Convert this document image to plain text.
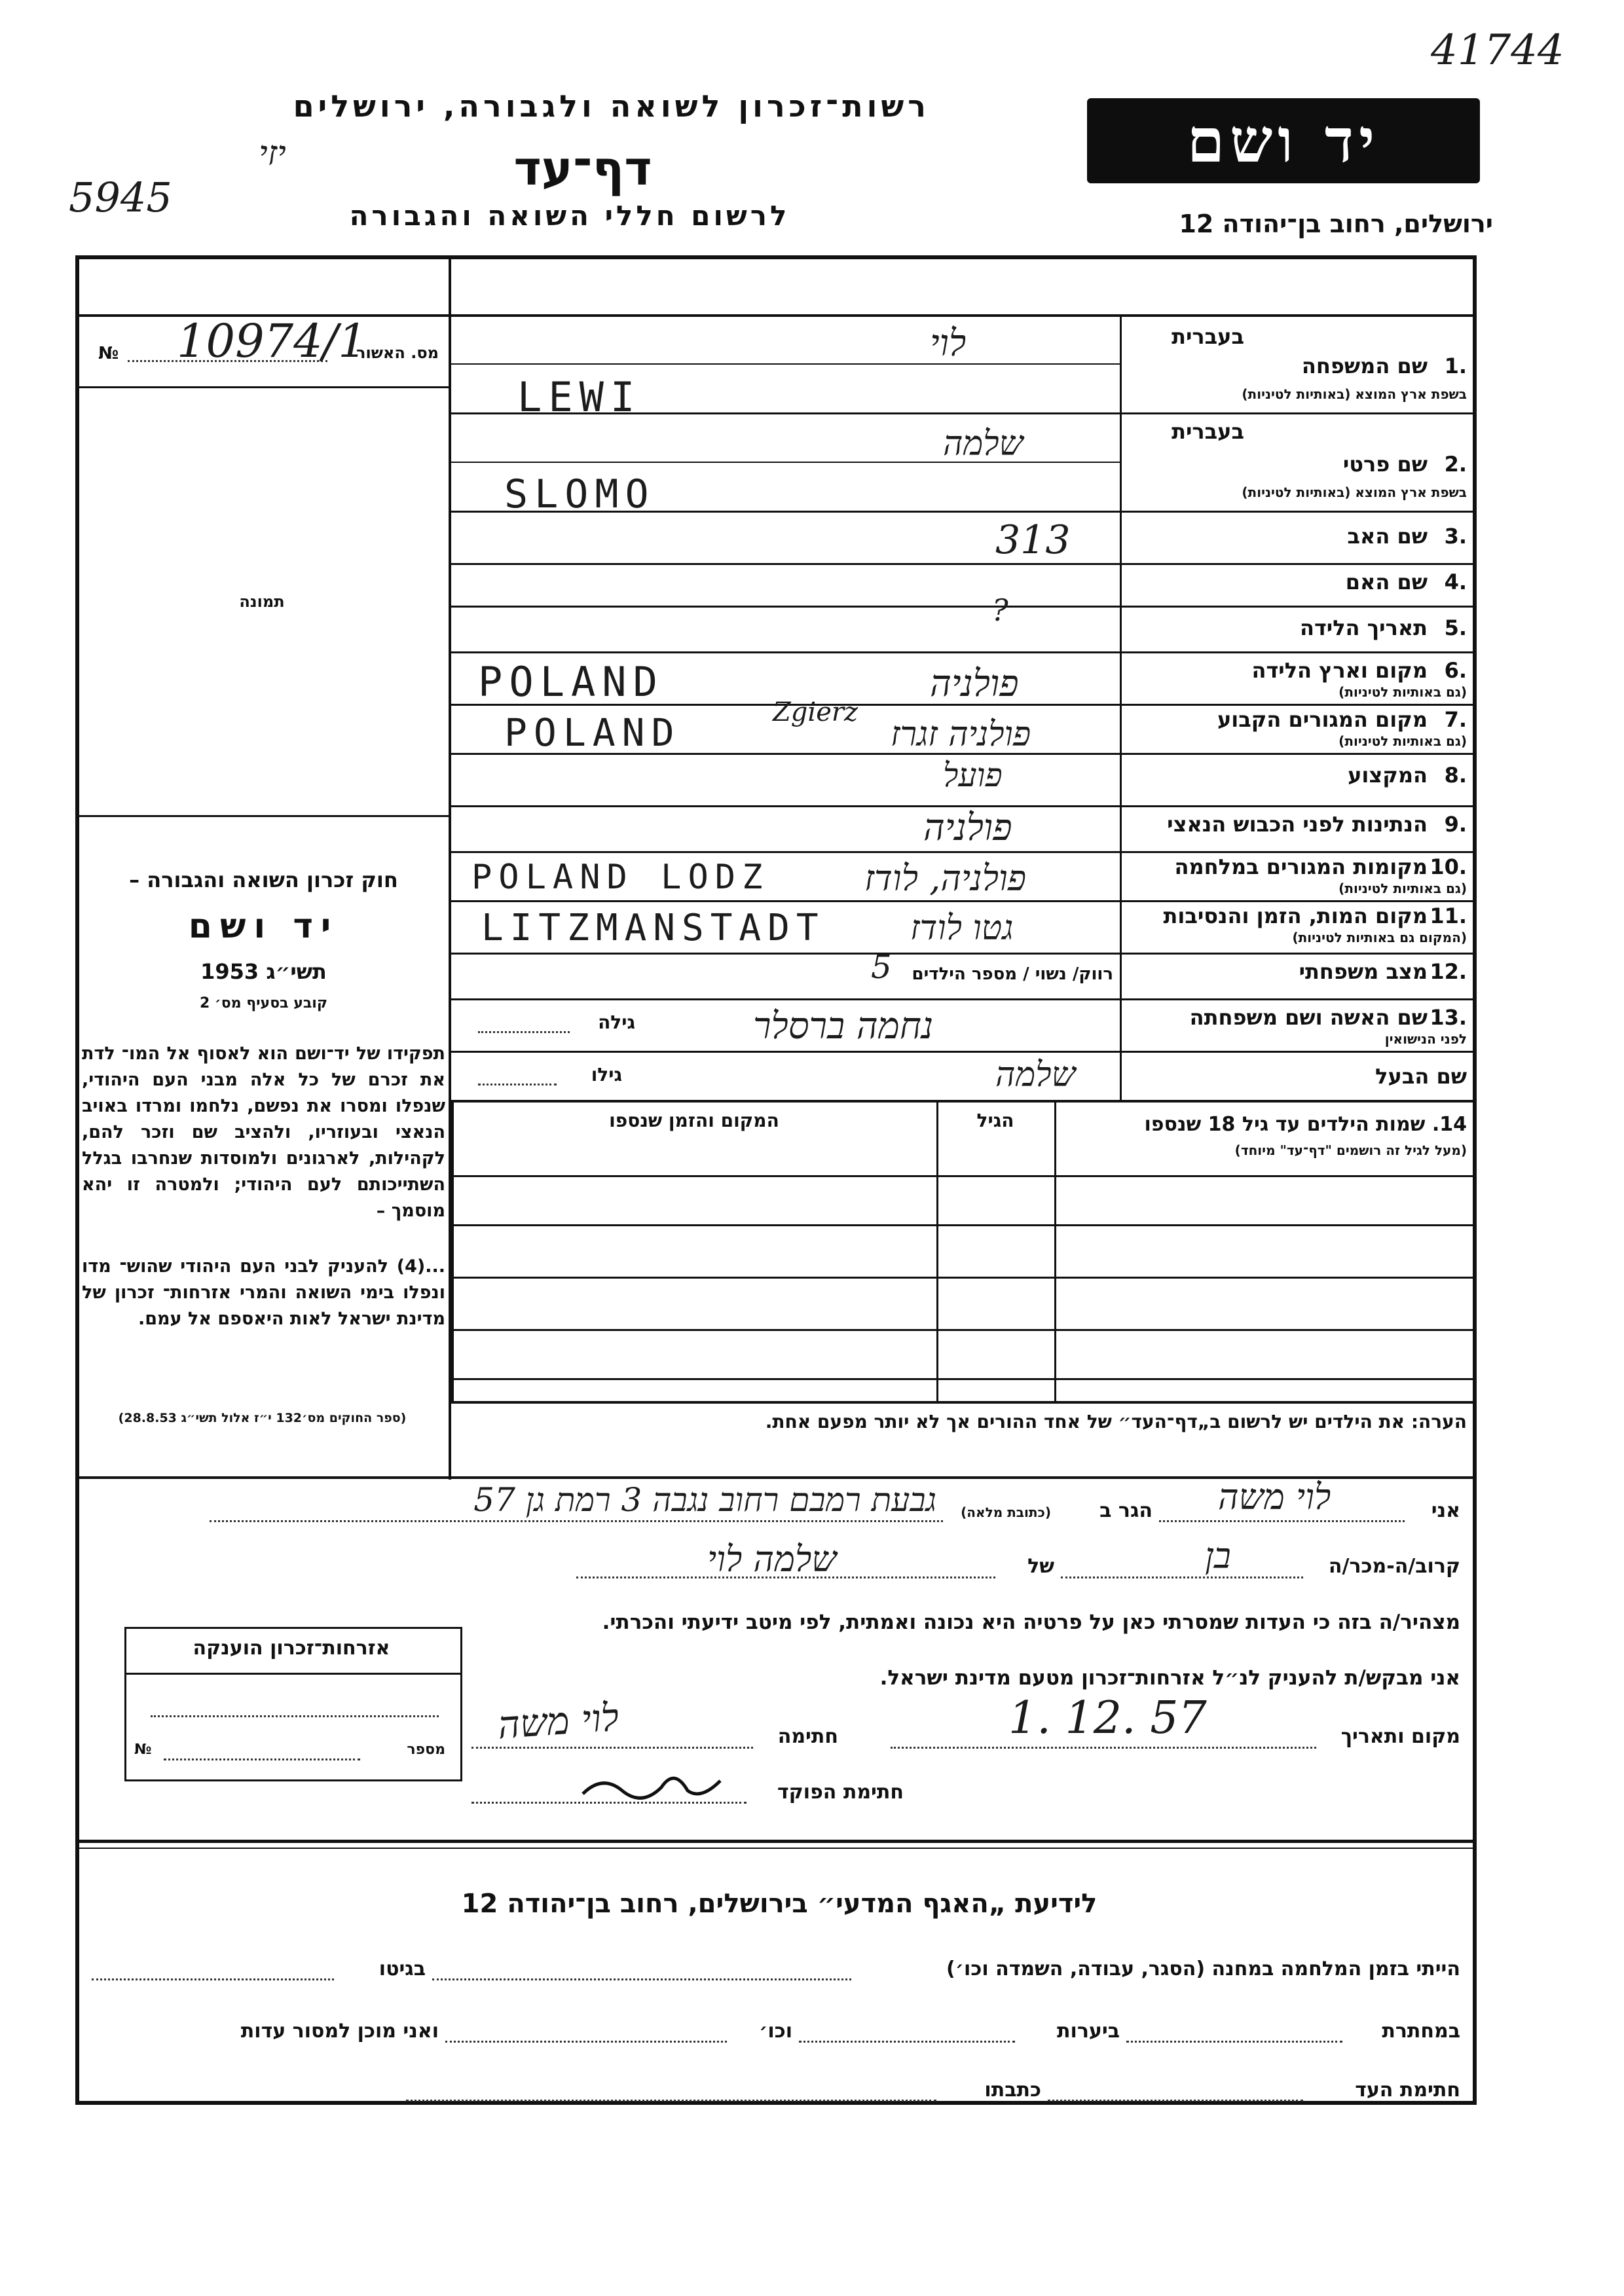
41744
5945
יזי
רשות־זכרון לשואה ולגבורה, ירושלים
דף־עד
לרשום חללי השואה והגבורה
יד ושם
ירושלים, רחוב בן־יהודה 12
מס. האשור
№ 10974/1
תמונה
חוק זכרון השואה והגבורה –
יד ושם
תשי״ג 1953
קובע בסעיף מס׳ 2
תפקידו של יד־ושם הוא לאסוף אל המו־ לדת את זכרם של כל אלה מבני העם היהודי, שנפלו ומסרו את נפשם, נלחמו ומרדו באויב הנאצי ובעוזריו, ולהציב שם וזכר להם, לקהילות, לארגונים ולמוסדות שנחרבו בגלל השתייכותם לעם היהודי; ולמטרה זו יהא מוסמך –
...(4) להעניק לבני העם היהודי שהוש־ מדו ונפלו בימי השואה והמרי אזרחות־ זכרון של מדינת ישראל לאות היאספם אל עמם.
(ספר החוקים מס׳132 י״ז אלול תשי״ג 28.8.53)
בעברית
1.
שם המשפחה
בשפת ארץ המוצא (באותיות לטיניות)
לוי
LEWI
בעברית
2.
שם פרטי
בשפת ארץ המוצא (באותיות לטיניות)
שלמה
SLOMO
3.
שם האב
313
4.
שם האם
5.
תאריך הלידה
?
6.
מקום וארץ הלידה
(גם באותיות לטיניות)
POLAND	פולניה
7.
מקום המגורים הקבוע
(גם באותיות לטיניות)
POLAND	פולניה זגרז
Zgierz
8.
המקצוע
פועל
9.
הנתינות לפני הכבוש הנאצי
פולניה
10.
מקומות המגורים במלחמה
(גם באותיות לטיניות)
POLAND LODZ	פולניה, לודז
11.
מקום המות, הזמן והנסיבות
(המקום גם באותיות לטיניות)
LITZMANSTADT	גטו לודז
12.
מצב משפחתי
רווק/ נשוי / מספר הילדים
5
13.
שם האשה ושם משפחתה
לפני הנישואין
גילה	נחמה ברסלר
שם הבעל
גילו	שלמה
14. שמות הילדים עד גיל 18 שנספו
(מעל לגיל זה רושמים "דף־עד" מיוחד)
הגיל
המקום והזמן שנספו
הערה: את הילדים יש לרשום ב„דף־העד״ של אחד ההורים אך לא יותר מפעם אחת.
אני
לוי משה
הגר ב
(כתובת מלאה)
גבעת רמבם רחוב נגבה 3 רמת גן 57
קרוב/ה-מכר/ה
בן
של
שלמה לוי
מצהיר/ה בזה כי העדות שמסרתי כאן על פרטיה היא נכונה ואמתית, לפי מיטב ידיעתי והכרתי.
אני מבקש/ת להעניק לנ״ל אזרחות־זכרון מטעם מדינת ישראל.
מקום ותאריך
1. 12. 57
חתימה
לוי משה
חתימת הפוקד
אזרחות־זכרון הוענקה
מספר
№
לידיעת „האגף המדעי״ בירושלים, רחוב בן־יהודה 12
הייתי בזמן המלחמה במחנה (הסגר, עבודה, השמדה וכו׳)
בגיטו
במחתרת
ביערות
וכו׳
ואני מוכן למסור עדות
חתימת העד
כתבתו
